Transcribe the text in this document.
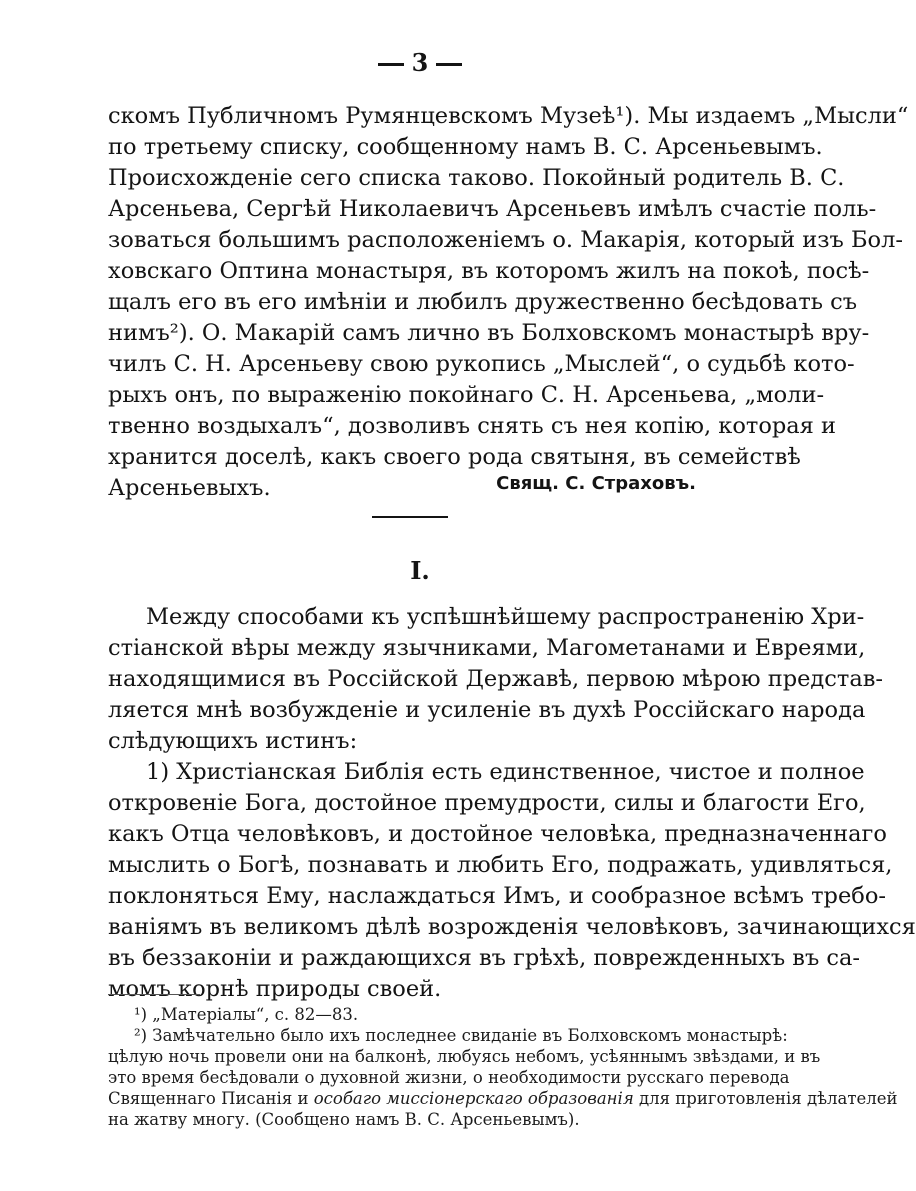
3
скомъ Публичномъ Румянцевскомъ Музеѣ¹). Мы издаемъ „Мысли“
по третьему списку, сообщенному намъ В. С. Арсеньевымъ.
Происхожденіе сего списка таково. Покойный родитель В. С.
Арсеньева, Сергѣй Николаевичъ Арсеньевъ имѣлъ счастіе поль-
зоваться большимъ расположеніемъ о. Макарія, который изъ Бол-
ховскаго Оптина монастыря, въ которомъ жилъ на покоѣ, посѣ-
щалъ его въ его имѣніи и любилъ дружественно бесѣдовать съ
нимъ²). О. Макарій самъ лично въ Болховскомъ монастырѣ вру-
чилъ С. Н. Арсеньеву свою рукопись „Мыслей“, о судьбѣ кото-
рыхъ онъ, по выраженію покойнаго С. Н. Арсеньева, „моли-
твенно воздыхалъ“, дозволивъ снять съ нея копію, которая и
хранится доселѣ, какъ своего рода святыня, въ семействѣ
Арсеньевыхъ.	Свящ. С. Страховъ.
I.
Между способами къ успѣшнѣйшему распространенію Хри-
стіанской вѣры между язычниками, Магометанами и Евреями,
находящимися въ Россійской Державѣ, первою мѣрою представ-
ляется мнѣ возбужденіе и усиленіе въ духѣ Россійскаго народа
слѣдующихъ истинъ:
1) Христіанская Библія есть единственное, чистое и полное
откровеніе Бога, достойное премудрости, силы и благости Его,
какъ Отца человѣковъ, и достойное человѣка, предназначеннаго
мыслить о Богѣ, познавать и любить Его, подражать, удивляться,
поклоняться Ему, наслаждаться Имъ, и сообразное всѣмъ требо-
ваніямъ въ великомъ дѣлѣ возрожденія человѣковъ, зачинающихся
въ беззаконіи и раждающихся въ грѣхѣ, поврежденныхъ въ са-
момъ корнѣ природы своей.
¹) „Матеріалы“, с. 82—83.
²) Замѣчательно было ихъ последнее свиданіе въ Болховскомъ монастырѣ:
цѣлую ночь провели они на балконѣ, любуясь небомъ, усѣяннымъ звѣздами, и въ
это время бесѣдовали о духовной жизни, о необходимости русскаго перевода
Священнаго Писанія и особаго миссіонерскаго образованія для приготовленія дѣлателей
на жатву многу. (Сообщено намъ В. С. Арсеньевымъ).
